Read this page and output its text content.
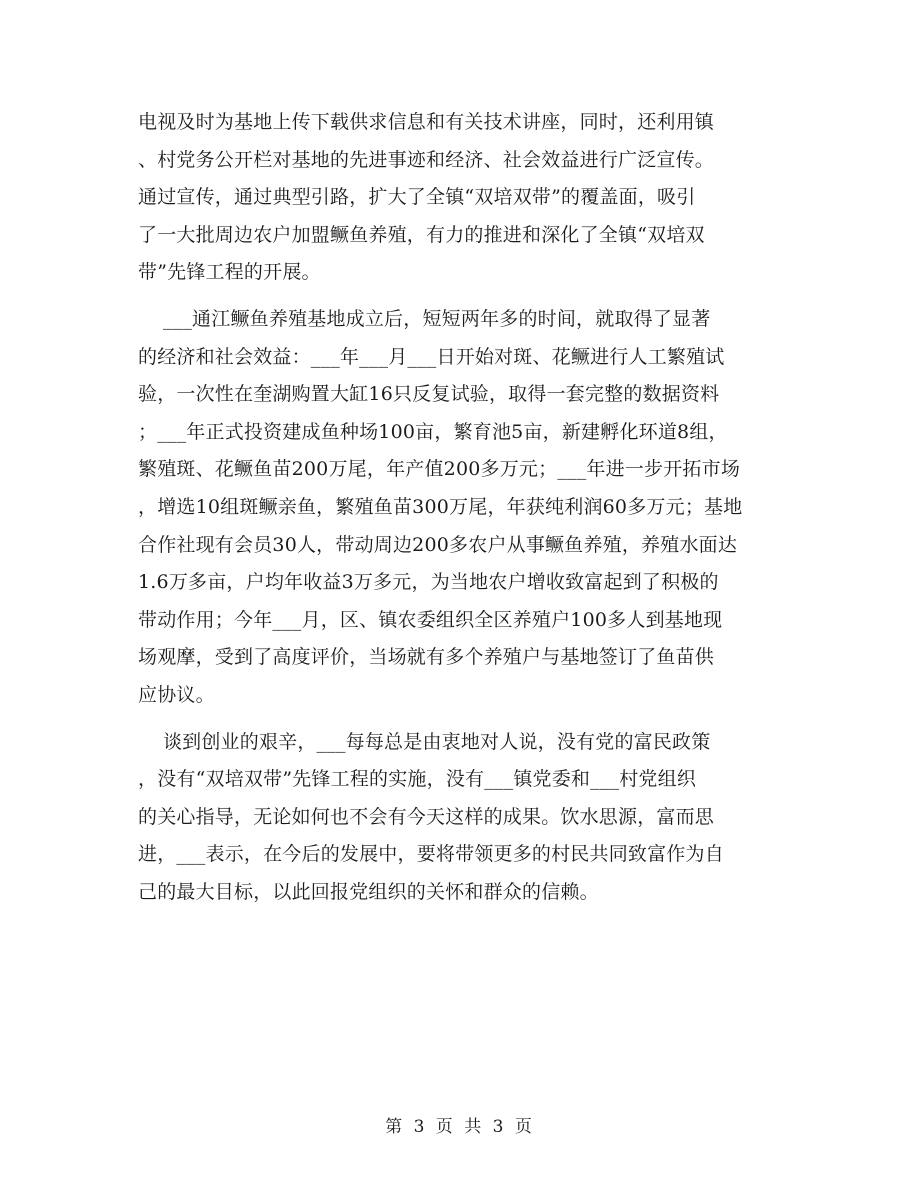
电视及时为基地上传下载供求信息和有关技术讲座，同时，还利用镇
、村党务公开栏对基地的先进事迹和经济、社会效益进行广泛宣传。
通过宣传，通过典型引路，扩大了全镇“双培双带”的覆盖面，吸引
了一大批周边农户加盟鳜鱼养殖，有力的推进和深化了全镇“双培双
带”先锋工程的开展。
___通江鳜鱼养殖基地成立后，短短两年多的时间，就取得了显著
的经济和社会效益：___年___月___日开始对斑、花鳜进行人工繁殖试
验，一次性在奎湖购置大缸16只反复试验，取得一套完整的数据资料
；___年正式投资建成鱼种场100亩，繁育池5亩，新建孵化环道8组，
繁殖斑、花鳜鱼苗200万尾，年产值200多万元；___年进一步开拓市场
，增选10组斑鳜亲鱼，繁殖鱼苗300万尾，年获纯利润60多万元；基地
合作社现有会员30人，带动周边200多农户从事鳜鱼养殖，养殖水面达
1.6万多亩，户均年收益3万多元，为当地农户增收致富起到了积极的
带动作用；今年___月，区、镇农委组织全区养殖户100多人到基地现
场观摩，受到了高度评价，当场就有多个养殖户与基地签订了鱼苗供
应协议。
谈到创业的艰辛，___每每总是由衷地对人说，没有党的富民政策
，没有“双培双带”先锋工程的实施，没有___镇党委和___村党组织
的关心指导，无论如何也不会有今天这样的成果。饮水思源，富而思
进，___表示，在今后的发展中，要将带领更多的村民共同致富作为自
己的最大目标，以此回报党组织的关怀和群众的信赖。
第 3 页 共 3 页
